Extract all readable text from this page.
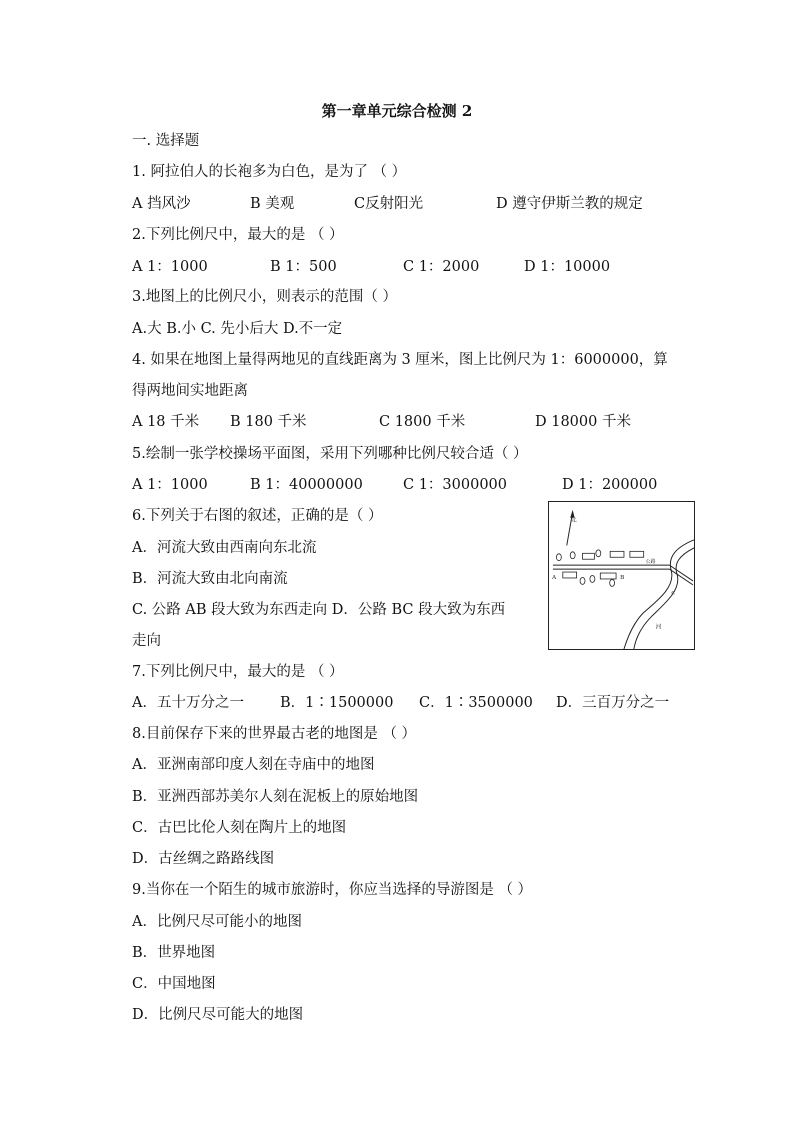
第一章单元综合检测 2
一. 选择题
1. 阿拉伯人的长袍多为白色，是为了 （ ）
A 挡风沙	B 美观	C反射阳光	D 遵守伊斯兰教的规定
2.下列比例尺中，最大的是 （ ）
A 1：1000	B 1：500	C 1：2000	D 1：10000
3.地图上的比例尺小，则表示的范围（ ）
A.大 B.小 C. 先小后大 D.不一定
4. 如果在地图上量得两地见的直线距离为 3 厘米，图上比例尺为 1：6000000，算
得两地间实地距离
A 18 千米 B 180 千米	C 1800 千米	D 18000 千米
5.绘制一张学校操场平面图，采用下列哪种比例尺较合适（ ）
A 1：1000	B 1：40000000	C 1：3000000	D 1：200000
6.下列关于右图的叙述，正确的是（ ）
A．河流大致由西南向东北流
B．河流大致由北向南流
C. 公路 AB 段大致为东西走向 D．公路 BC 段大致为东西
走向
北
A	B
C
公路
河
7.下列比例尺中，最大的是 （ ）
A．五十万分之一 B．1∶1500000 C．1∶3500000 D．三百万分之一
8.目前保存下来的世界最古老的地图是 （ ）
A．亚洲南部印度人刻在寺庙中的地图
B．亚洲西部苏美尔人刻在泥板上的原始地图
C．古巴比伦人刻在陶片上的地图
D．古丝绸之路路线图
9.当你在一个陌生的城市旅游时，你应当选择的导游图是 （ ）
A．比例尺尽可能小的地图
B．世界地图
C．中国地图
D．比例尺尽可能大的地图
